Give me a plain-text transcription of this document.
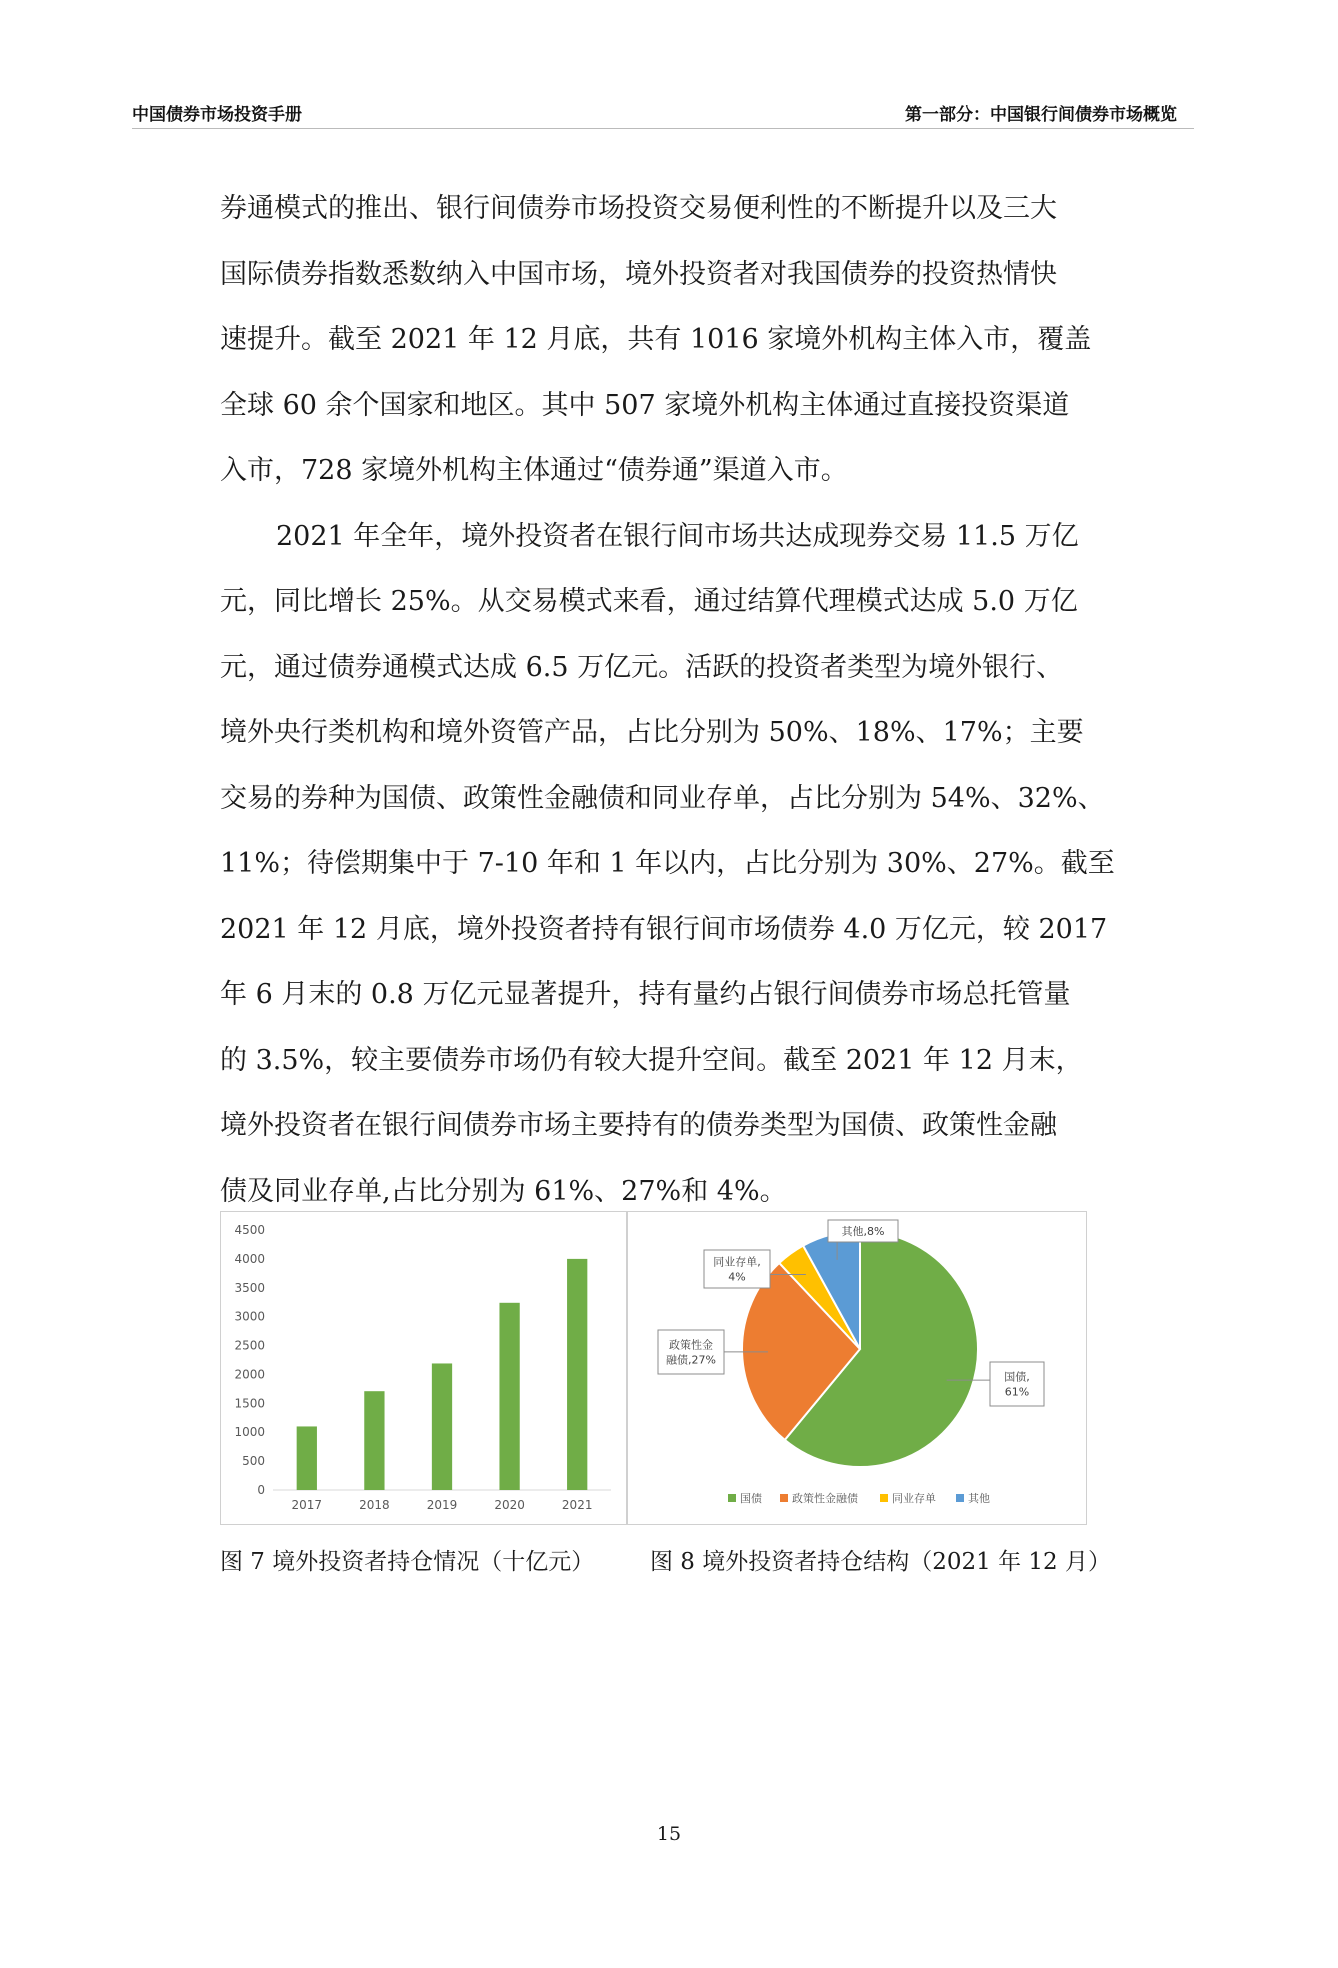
中国债券市场投资手册	第一部分：中国银行间债券市场概览
券通模式的推出、银行间债券市场投资交易便利性的不断提升以及三大
国际债券指数悉数纳入中国市场，境外投资者对我国债券的投资热情快
速提升。截至 2021 年 12 月底，共有 1016 家境外机构主体入市，覆盖
全球 60 余个国家和地区。其中 507 家境外机构主体通过直接投资渠道
入市，728 家境外机构主体通过“债券通”渠道入市。
2021 年全年，境外投资者在银行间市场共达成现券交易 11.5 万亿
元，同比增长 25%。从交易模式来看，通过结算代理模式达成 5.0 万亿
元，通过债券通模式达成 6.5 万亿元。活跃的投资者类型为境外银行、
境外央行类机构和境外资管产品，占比分别为 50%、18%、17%；主要
交易的券种为国债、政策性金融债和同业存单，占比分别为 54%、32%、
11%；待偿期集中于 7-10 年和 1 年以内，占比分别为 30%、27%。截至
2021 年 12 月底，境外投资者持有银行间市场债券 4.0 万亿元，较 2017
年 6 月末的 0.8 万亿元显著提升，持有量约占银行间债券市场总托管量
的 3.5%，较主要债券市场仍有较大提升空间。截至 2021 年 12 月末，
境外投资者在银行间债券市场主要持有的债券类型为国债、政策性金融
债及同业存单,占比分别为 61%、27%和 4%。
0
500
1000
1500
2000
2500
3000
3500
4000
4500
2017	2018	2019	2020	2021
国债,
61%
政策性金
融债,27%
同业存单,
4%
其他,8%
国债	政策性金融债	同业存单	其他
图 7 境外投资者持仓情况（十亿元） 图 8 境外投资者持仓结构（2021 年 12 月）
15
